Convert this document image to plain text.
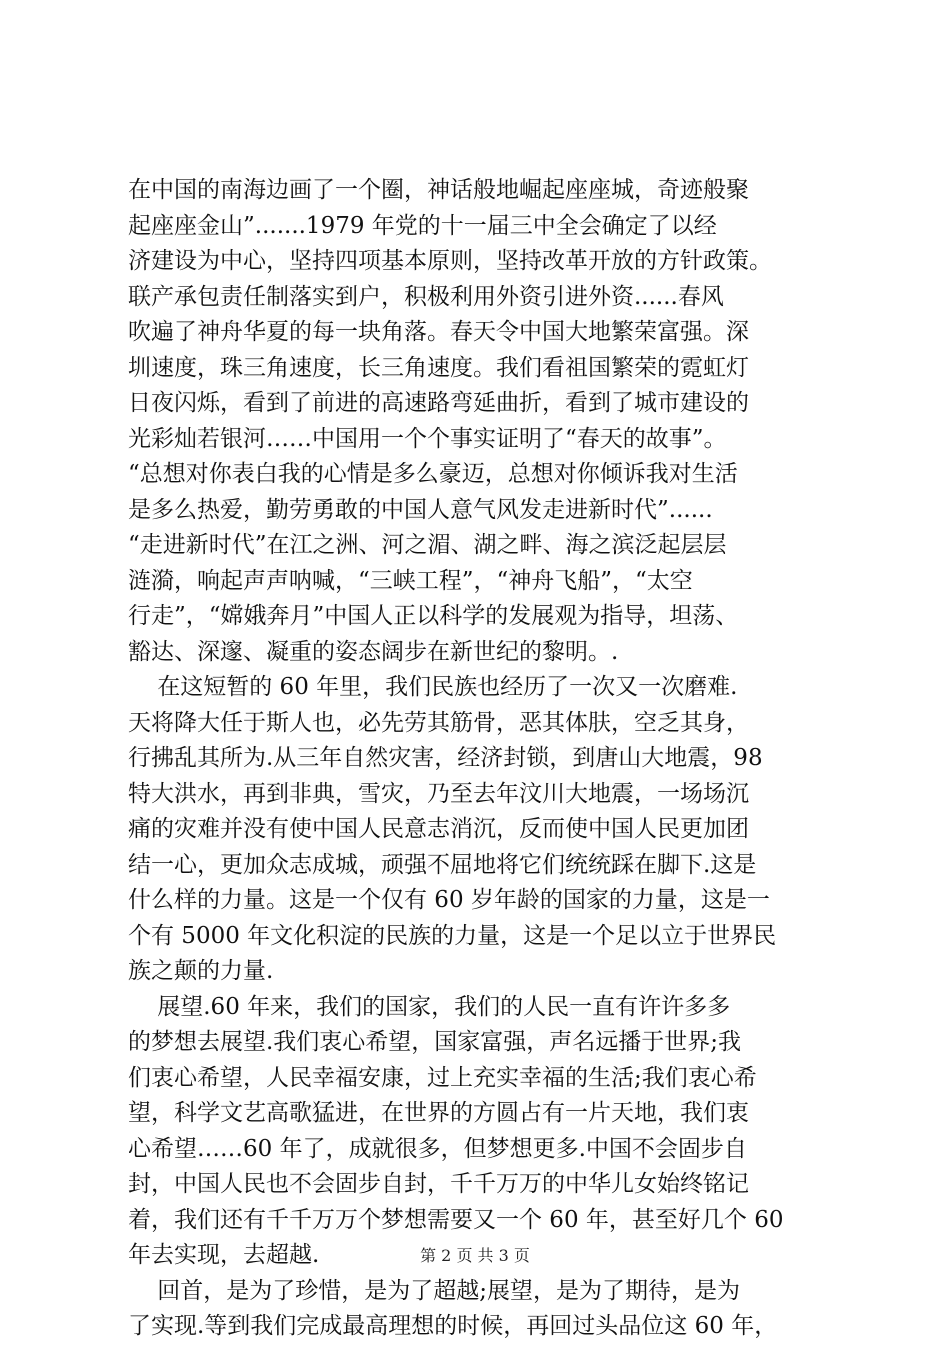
在中国的南海边画了一个圈，神话般地崛起座座城，奇迹般聚
起座座金山”.......1979 年党的十一届三中全会确定了以经
济建设为中心，坚持四项基本原则，坚持改革开放的方针政策。
联产承包责任制落实到户，积极利用外资引进外资......春风
吹遍了神舟华夏的每一块角落。春天令中国大地繁荣富强。深
圳速度，珠三角速度，长三角速度。我们看祖国繁荣的霓虹灯
日夜闪烁，看到了前进的高速路弯延曲折，看到了城市建设的
光彩灿若银河……中国用一个个事实证明了“春天的故事”。
“总想对你表白我的心情是多么豪迈，总想对你倾诉我对生活
是多么热爱，勤劳勇敢的中国人意气风发走进新时代”......
“走进新时代”在江之洲、河之湄、湖之畔、海之滨泛起层层
涟漪，响起声声呐喊，“三峡工程”，“神舟飞船”，“太空
行走”，“嫦娥奔月”中国人正以科学的发展观为指导，坦荡、
豁达、深邃、凝重的姿态阔步在新世纪的黎明。.
在这短暂的 60 年里，我们民族也经历了一次又一次磨难.
天将降大任于斯人也，必先劳其筋骨，恶其体肤，空乏其身，
行拂乱其所为.从三年自然灾害，经济封锁，到唐山大地震，98
特大洪水，再到非典，雪灾，乃至去年汶川大地震，一场场沉
痛的灾难并没有使中国人民意志消沉，反而使中国人民更加团
结一心，更加众志成城，顽强不屈地将它们统统踩在脚下.这是
什么样的力量。这是一个仅有 60 岁年龄的国家的力量，这是一
个有 5000 年文化积淀的民族的力量，这是一个足以立于世界民
族之颠的力量.
展望.60 年来，我们的国家，我们的人民一直有许许多多
的梦想去展望.我们衷心希望，国家富强，声名远播于世界;我
们衷心希望，人民幸福安康，过上充实幸福的生活;我们衷心希
望，科学文艺高歌猛进，在世界的方圆占有一片天地，我们衷
心希望……60 年了，成就很多，但梦想更多.中国不会固步自
封，中国人民也不会固步自封，千千万万的中华儿女始终铭记
着，我们还有千千万万个梦想需要又一个 60 年，甚至好几个 60
年去实现，去超越.
回首，是为了珍惜，是为了超越;展望，是为了期待，是为
了实现.等到我们完成最高理想的时候，再回过头品位这 60 年，
第 2 页 共 3 页
